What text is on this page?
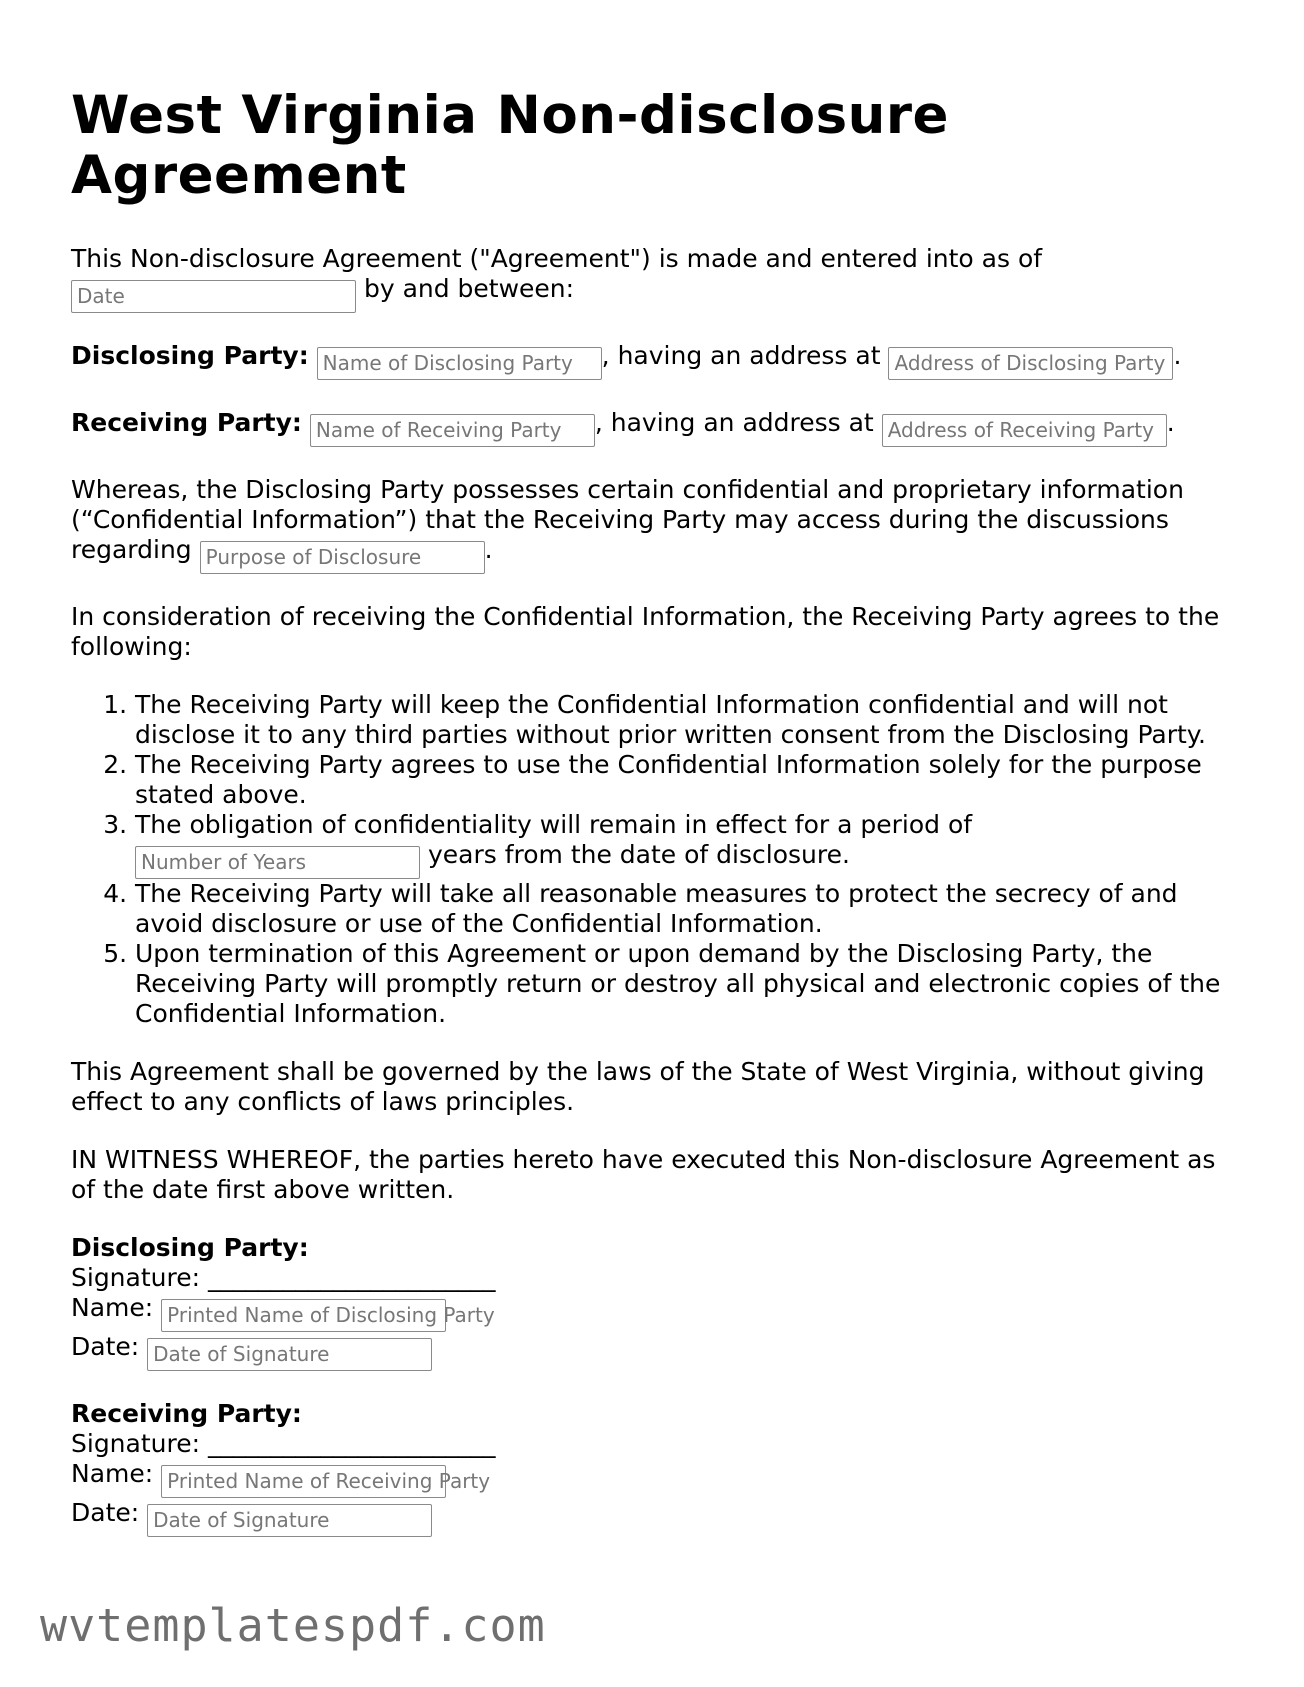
West Virginia Non-disclosure Agreement

This Non-disclosure Agreement ("Agreement") is made and entered into as of
Date	by and between:

Disclosing Party: Name of Disclosing Party , having an address at Address of Disclosing Party .

Receiving Party: Name of Receiving Party , having an address at Address of Receiving Party .

Whereas, the Disclosing Party possesses certain confidential and proprietary information (“Confidential Information”) that the Receiving Party may access during the discussions regarding Purpose of Disclosure	.

In consideration of receiving the Confidential Information, the Receiving Party agrees to the following:

1. The Receiving Party will keep the Confidential Information confidential and will not disclose it to any third parties without prior written consent from the Disclosing Party.
2. The Receiving Party agrees to use the Confidential Information solely for the purpose stated above.
3. The obligation of confidentiality will remain in effect for a period of
Number of Years	years from the date of disclosure.
4. The Receiving Party will take all reasonable measures to protect the secrecy of and avoid disclosure or use of the Confidential Information.
5. Upon termination of this Agreement or upon demand by the Disclosing Party, the Receiving Party will promptly return or destroy all physical and electronic copies of the Confidential Information.

This Agreement shall be governed by the laws of the State of West Virginia, without giving effect to any conflicts of laws principles.

IN WITNESS WHEREOF, the parties hereto have executed this Non-disclosure Agreement as of the date first above written.

Disclosing Party:
Signature: _______________________
Name: Printed Name of Disclosing Party
Date: Date of Signature
Receiving Party:
Signature: _______________________
Name: Printed Name of Receiving Party
Date: Date of Signature
wvtemplatespdf.com
